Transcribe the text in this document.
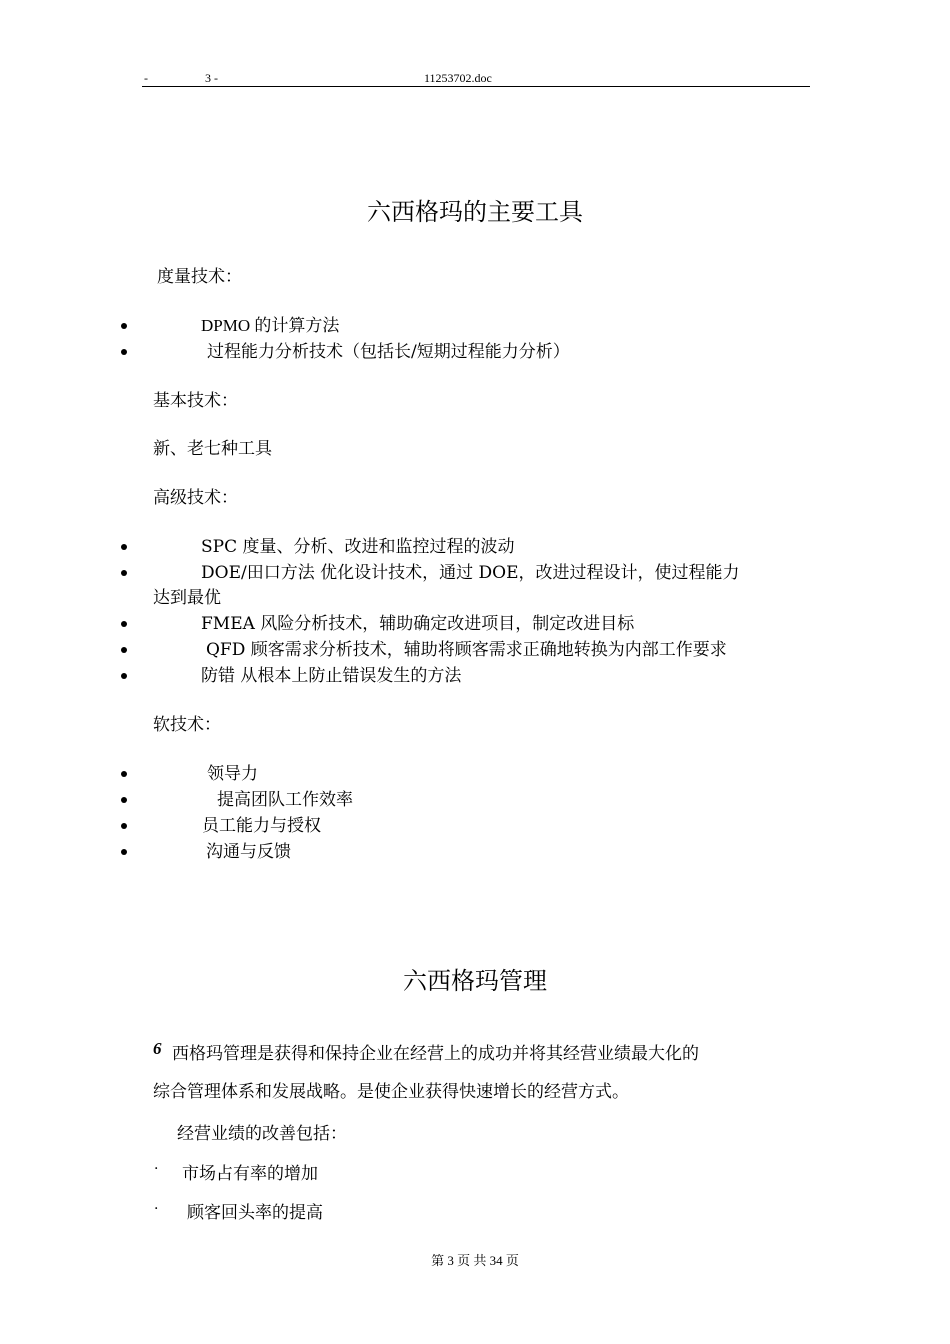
-	3 -	11253702.doc
六西格玛的主要工具
度量技术：
DPMO 的计算方法
过程能力分析技术（包括长/短期过程能力分析）
基本技术：
新、老七种工具
高级技术：
SPC 度量、分析、改进和监控过程的波动
DOE/田口方法 优化设计技术，通过 DOE，改进过程设计，使过程能力
达到最优
FMEA 风险分析技术，辅助确定改进项目，制定改进目标
QFD 顾客需求分析技术，辅助将顾客需求正确地转换为内部工作要求
防错 从根本上防止错误发生的方法
软技术：
领导力
提高团队工作效率
员工能力与授权
沟通与反馈
六西格玛管理
6 西格玛管理是获得和保持企业在经营上的成功并将其经营业绩最大化的
综合管理体系和发展战略。是使企业获得快速增长的经营方式。
经营业绩的改善包括：
· 市场占有率的增加
· 顾客回头率的提高
第 3 页 共 34 页
